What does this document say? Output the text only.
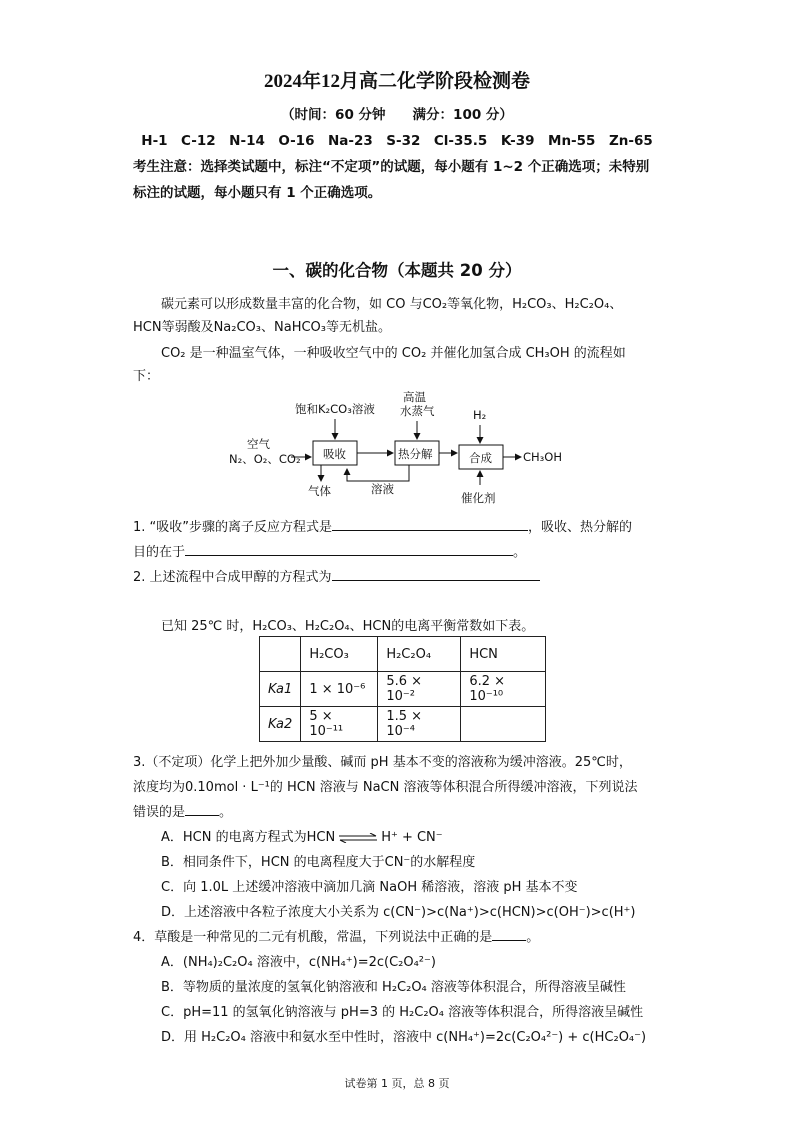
2024年12月高二化学阶段检测卷
（时间：60 分钟　　满分：100 分）
H-1　C-12　N-14　O-16　Na-23　S-32　Cl-35.5　K-39　Mn-55　Zn-65
考生注意：选择类试题中，标注“不定项”的试题，每小题有 1~2 个正确选项；未特别
标注的试题，每小题只有 1 个正确选项。
一、碳的化合物（本题共 20 分）
碳元素可以形成数量丰富的化合物，如 CO 与CO₂等氧化物，H₂CO₃、H₂C₂O₄、
HCN等弱酸及Na₂CO₃、NaHCO₃等无机盐。
CO₂ 是一种温室气体，一种吸收空气中的 CO₂ 并催化加氢合成 CH₃OH 的流程如
下：
空气
N₂、O₂、CO₂
饱和K₂CO₃溶液
吸收
气体
高温
水蒸气
热分解
溶液
H₂
合成	CH₃OH
催化剂
1. “吸收”步骤的离子反应方程式是	，吸收、热分解的
目的在于	。
2. 上述流程中合成甲醇的方程式为
已知 25℃ 时，H₂CO₃、H₂C₂O₄、HCN的电离平衡常数如下表。
	H₂CO₃	H₂C₂O₄	HCN
Ka1	1 × 10⁻⁶	5.6 × 10⁻²	6.2 × 10⁻¹⁰
Ka2	5 × 10⁻¹¹	1.5 × 10⁻⁴	
3.（不定项）化学上把外加少量酸、碱而 pH 基本不变的溶液称为缓冲溶液。25℃时，
浓度均为0.10mol · L⁻¹的 HCN 溶液与 NaCN 溶液等体积混合所得缓冲溶液，下列说法
错误的是	。
A．HCN 的电离方程式为HCN ⇌ H⁺ + CN⁻
B．相同条件下，HCN 的电离程度大于CN⁻的水解程度
C．向 1.0L 上述缓冲溶液中滴加几滴 NaOH 稀溶液，溶液 pH 基本不变
D．上述溶液中各粒子浓度大小关系为 c(CN⁻)>c(Na⁺)>c(HCN)>c(OH⁻)>c(H⁺)
4．草酸是一种常见的二元有机酸，常温，下列说法中正确的是	。
A．(NH₄)₂C₂O₄ 溶液中，c(NH₄⁺)=2c(C₂O₄²⁻)
B．等物质的量浓度的氢氧化钠溶液和 H₂C₂O₄ 溶液等体积混合，所得溶液呈碱性
C．pH=11 的氢氧化钠溶液与 pH=3 的 H₂C₂O₄ 溶液等体积混合，所得溶液呈碱性
D．用 H₂C₂O₄ 溶液中和氨水至中性时，溶液中 c(NH₄⁺)=2c(C₂O₄²⁻) + c(HC₂O₄⁻)
试卷第 1 页，总 8 页
